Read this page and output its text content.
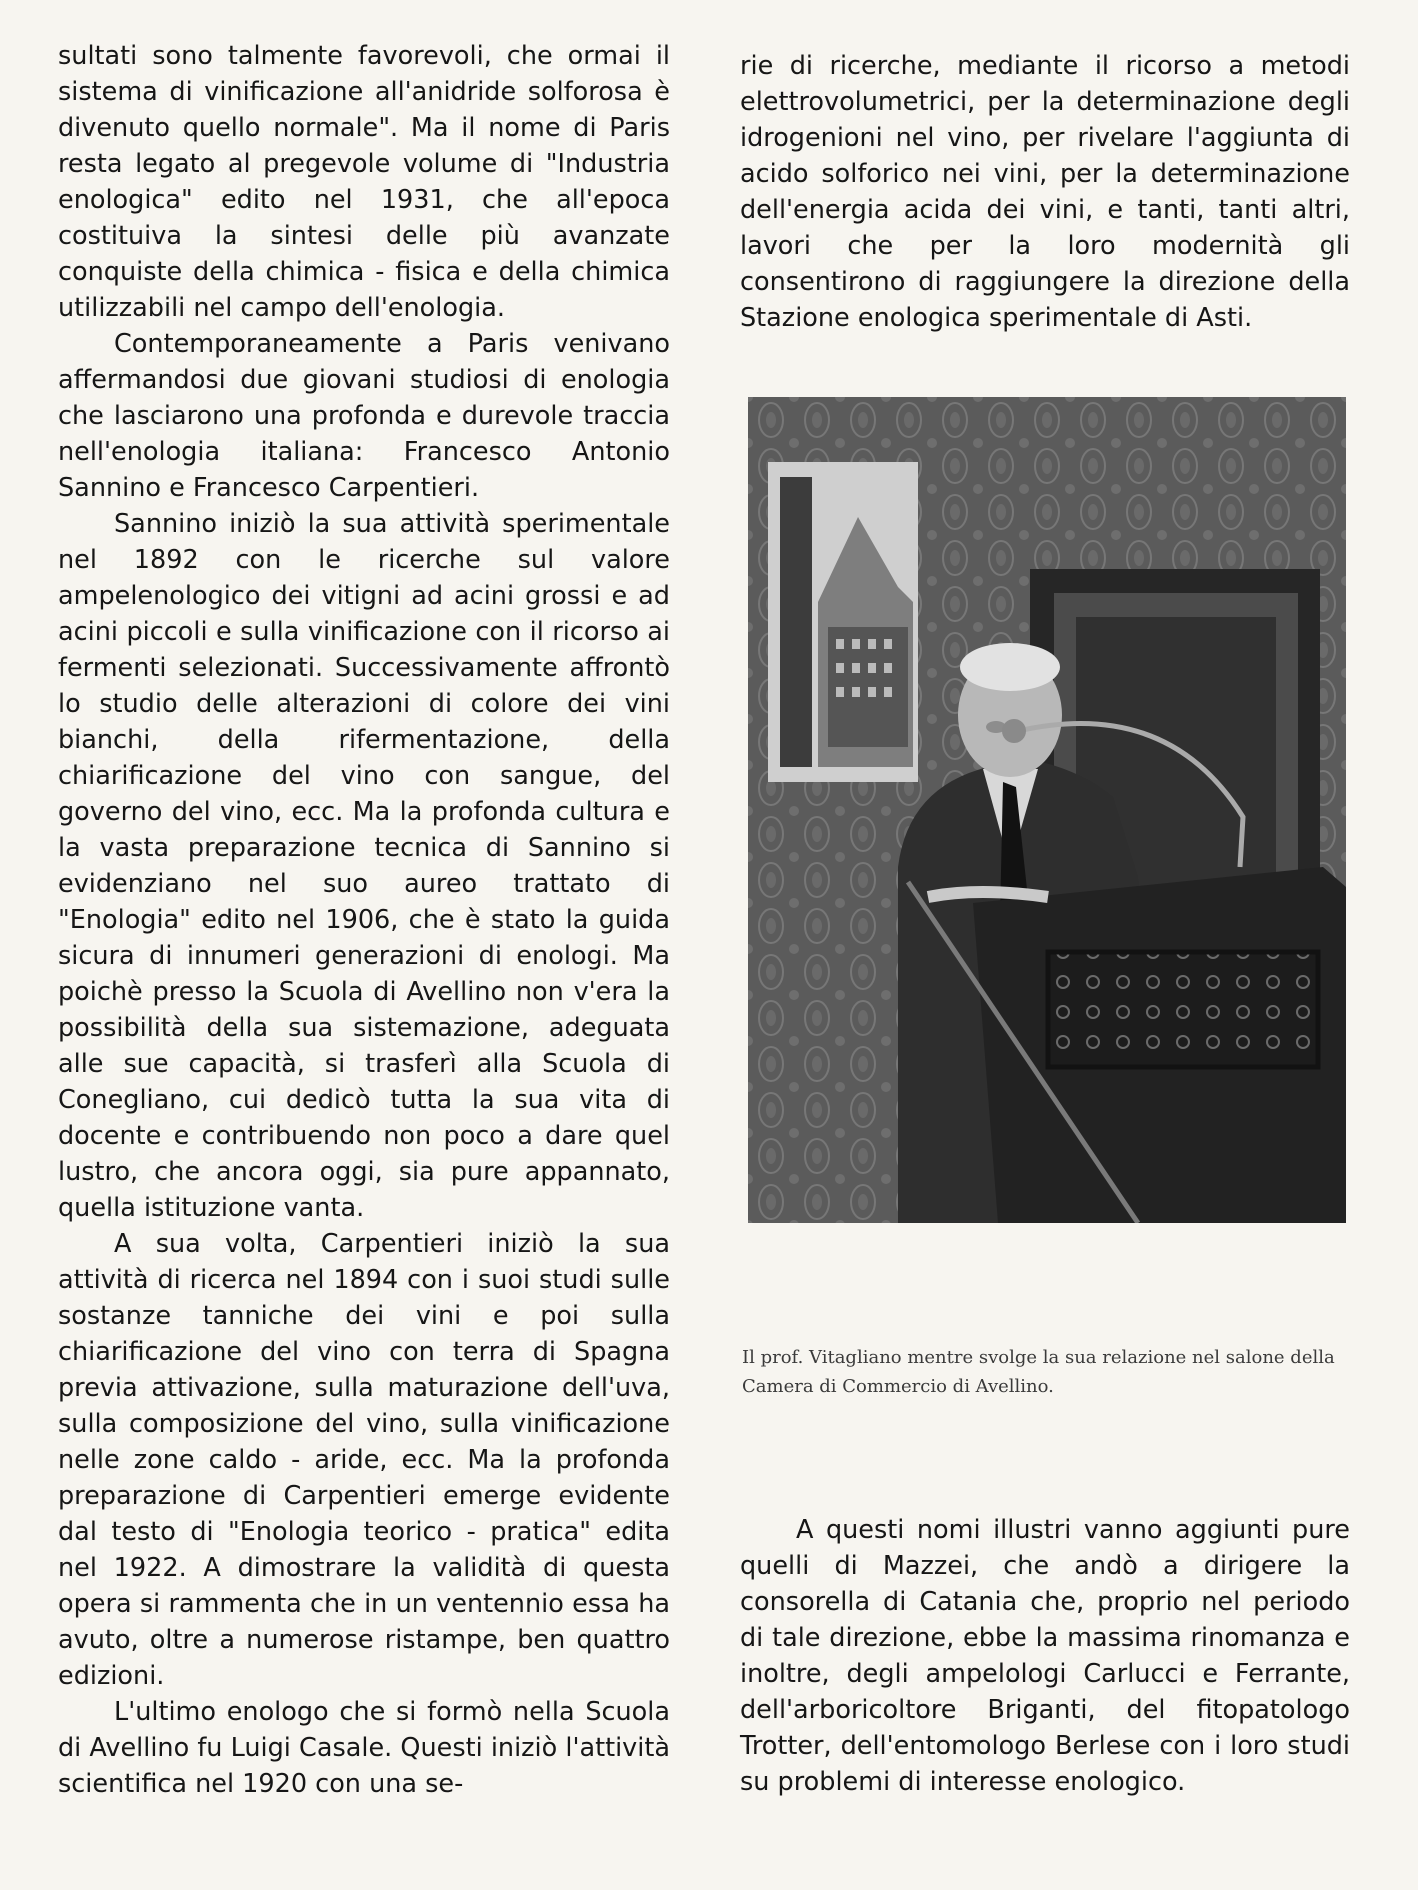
sultati sono talmente favorevoli, che ormai il sistema di vinificazione all'anidride solforosa è divenuto quello normale". Ma il nome di Paris resta legato al pregevole volume di "Industria enologica" edito nel 1931, che all'epoca costituiva la sintesi delle più avanzate conquiste della chimica - fisica e della chimica utilizzabili nel campo dell'enologia.

Contemporaneamente a Paris venivano affermandosi due giovani studiosi di enologia che lasciarono una profonda e durevole traccia nell'enologia italiana: Francesco Antonio Sannino e Francesco Carpentieri.

Sannino iniziò la sua attività sperimentale nel 1892 con le ricerche sul valore ampelenologico dei vitigni ad acini grossi e ad acini piccoli e sulla vinificazione con il ricorso ai fermenti selezionati. Successivamente affrontò lo studio delle alterazioni di colore dei vini bianchi, della rifermentazione, della chiarificazione del vino con sangue, del governo del vino, ecc. Ma la profonda cultura e la vasta preparazione tecnica di Sannino si evidenziano nel suo aureo trattato di "Enologia" edito nel 1906, che è stato la guida sicura di innumeri generazioni di enologi. Ma poichè presso la Scuola di Avellino non v'era la possibilità della sua sistemazione, adeguata alle sue capacità, si trasferì alla Scuola di Conegliano, cui dedicò tutta la sua vita di docente e contribuendo non poco a dare quel lustro, che ancora oggi, sia pure appannato, quella istituzione vanta.

A sua volta, Carpentieri iniziò la sua attività di ricerca nel 1894 con i suoi studi sulle sostanze tanniche dei vini e poi sulla chiarificazione del vino con terra di Spagna previa attivazione, sulla maturazione dell'uva, sulla composizione del vino, sulla vinificazione nelle zone caldo - aride, ecc. Ma la profonda preparazione di Carpentieri emerge evidente dal testo di "Enologia teorico - pratica" edita nel 1922. A dimostrare la validità di questa opera si rammenta che in un ventennio essa ha avuto, oltre a numerose ristampe, ben quattro edizioni.

L'ultimo enologo che si formò nella Scuola di Avellino fu Luigi Casale. Questi iniziò l'attività scientifica nel 1920 con una se-

rie di ricerche, mediante il ricorso a metodi elettrovolumetrici, per la determinazione degli idrogenioni nel vino, per rivelare l'aggiunta di acido solforico nei vini, per la determinazione dell'energia acida dei vini, e tanti, tanti altri, lavori che per la loro modernità gli consentirono di raggiungere la direzione della Stazione enologica sperimentale di Asti.

Il prof. Vitagliano mentre svolge la sua relazione nel salone della Camera di Commercio di Avellino.

A questi nomi illustri vanno aggiunti pure quelli di Mazzei, che andò a dirigere la consorella di Catania che, proprio nel periodo di tale direzione, ebbe la massima rinomanza e inoltre, degli ampelologi Carlucci e Ferrante, dell'arboricoltore Briganti, del fitopatologo Trotter, dell'entomologo Berlese con i loro studi su problemi di interesse enologico.
